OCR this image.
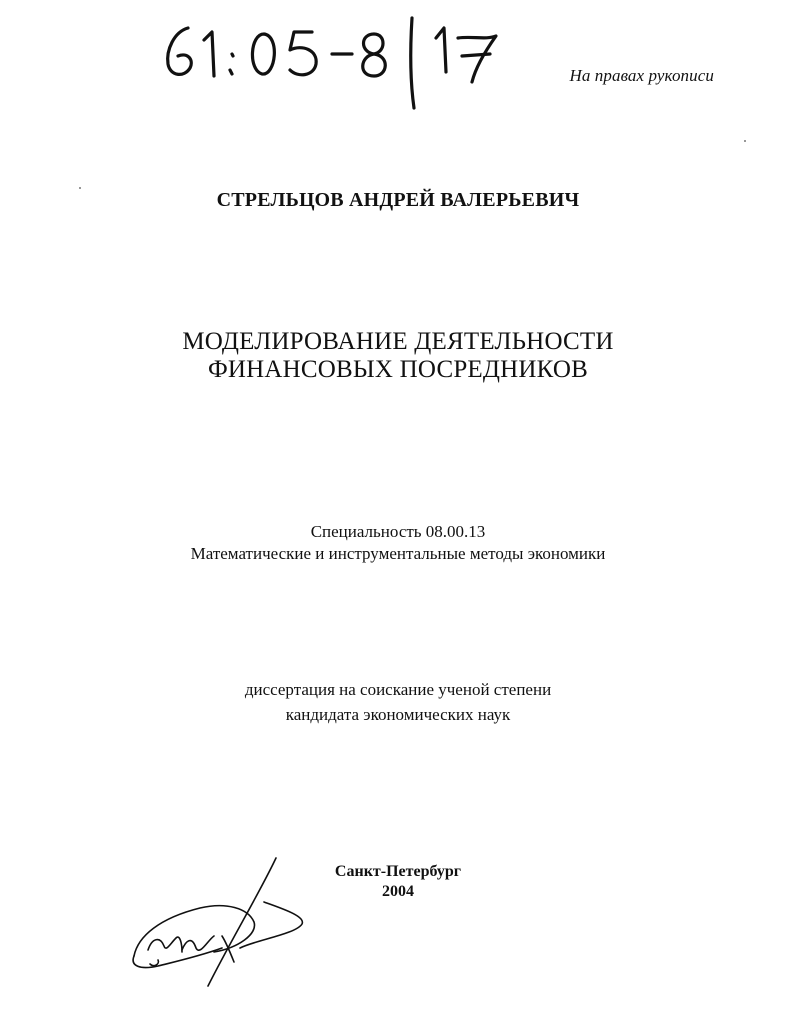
На правах рукописи
СТРЕЛЬЦОВ АНДРЕЙ ВАЛЕРЬЕВИЧ
МОДЕЛИРОВАНИЕ ДЕЯТЕЛЬНОСТИ
ФИНАНСОВЫХ ПОСРЕДНИКОВ
Специальность 08.00.13
Математические и инструментальные методы экономики
диссертация на соискание ученой степени
кандидата экономических наук
Санкт-Петербург
2004
